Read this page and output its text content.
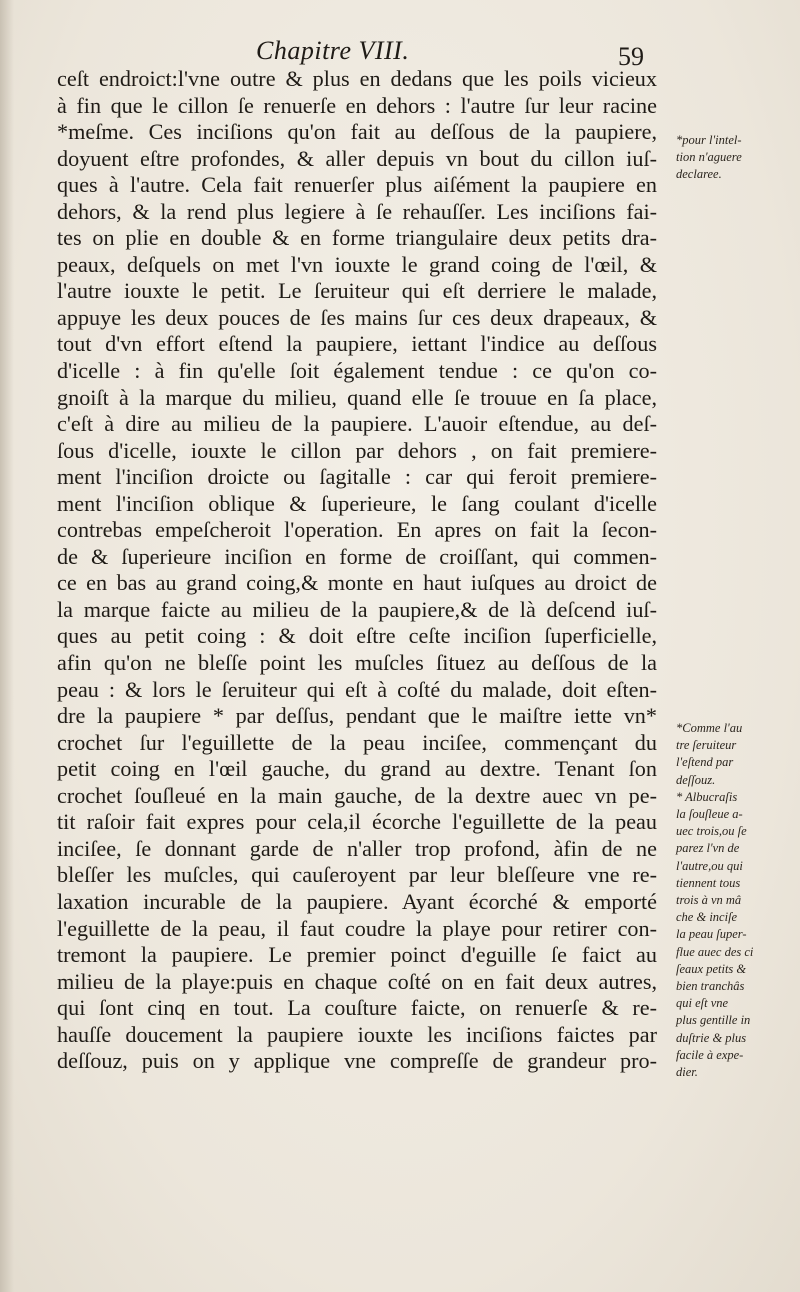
Chapitre VIII.	59
ceſt endroict:l'vne outre & plus en dedans que les poils vicieux
à fin que le cillon ſe renuerſe en dehors : l'autre ſur leur racine
*meſme. Ces inciſions qu'on fait au deſſous de la paupiere,
doyuent eſtre profondes, & aller depuis vn bout du cillon iuſ-
ques à l'autre. Cela fait renuerſer plus aiſément la paupiere en
dehors, & la rend plus legiere à ſe rehauſſer. Les inciſions fai-
tes on plie en double & en forme triangulaire deux petits dra-
peaux, deſquels on met l'vn iouxte le grand coing de l'œil, &
l'autre iouxte le petit. Le ſeruiteur qui eſt derriere le malade,
appuye les deux pouces de ſes mains ſur ces deux drapeaux, &
tout d'vn effort eſtend la paupiere, iettant l'indice au deſſous
d'icelle : à fin qu'elle ſoit également tendue : ce qu'on co-
gnoiſt à la marque du milieu, quand elle ſe trouue en ſa place,
c'eſt à dire au milieu de la paupiere. L'auoir eſtendue, au deſ-
ſous d'icelle, iouxte le cillon par dehors , on fait premiere-
ment l'inciſion droicte ou ſagitalle : car qui feroit premiere-
ment l'inciſion oblique & ſuperieure, le ſang coulant d'icelle
contrebas empeſcheroit l'operation. En apres on fait la ſecon-
de & ſuperieure inciſion en forme de croiſſant, qui commen-
ce en bas au grand coing,& monte en haut iuſques au droict de
la marque faicte au milieu de la paupiere,& de là deſcend iuſ-
ques au petit coing : & doit eſtre ceſte inciſion ſuperficielle,
afin qu'on ne bleſſe point les muſcles ſituez au deſſous de la
peau : & lors le ſeruiteur qui eſt à coſté du malade, doit eſten-
dre la paupiere * par deſſus, pendant que le maiſtre iette vn*
crochet ſur l'eguillette de la peau inciſee, commençant du
petit coing en l'œil gauche, du grand au dextre. Tenant ſon
crochet ſouſleué en la main gauche, de la dextre auec vn pe-
tit raſoir fait expres pour cela,il écorche l'eguillette de la peau
inciſee, ſe donnant garde de n'aller trop profond, àfin de ne
bleſſer les muſcles, qui cauſeroyent par leur bleſſeure vne re-
laxation incurable de la paupiere. Ayant écorché & emporté
l'eguillette de la peau, il faut coudre la playe pour retirer con-
tremont la paupiere. Le premier poinct d'eguille ſe faict au
milieu de la playe:puis en chaque coſté on en fait deux autres,
qui ſont cinq en tout. La couſture faicte, on renuerſe & re-
hauſſe doucement la paupiere iouxte les inciſions faictes par
deſſouz, puis on y applique vne compreſſe de grandeur pro-
*pour l'intel-
tion n'aguere
declaree.
*Comme l'au
tre ſeruiteur
l'eſtend par
deſſouz.
* Albucraſis
la ſouſleue a-
uec trois,ou ſe
parez l'vn de
l'autre,ou qui
tiennent tous
trois à vn mâ
che & inciſe
la peau ſuper-
flue auec des ci
ſeaux petits &
bien tranchâs
qui eſt vne
plus gentille in
duſtrie & plus
facile à expe-
dier.
